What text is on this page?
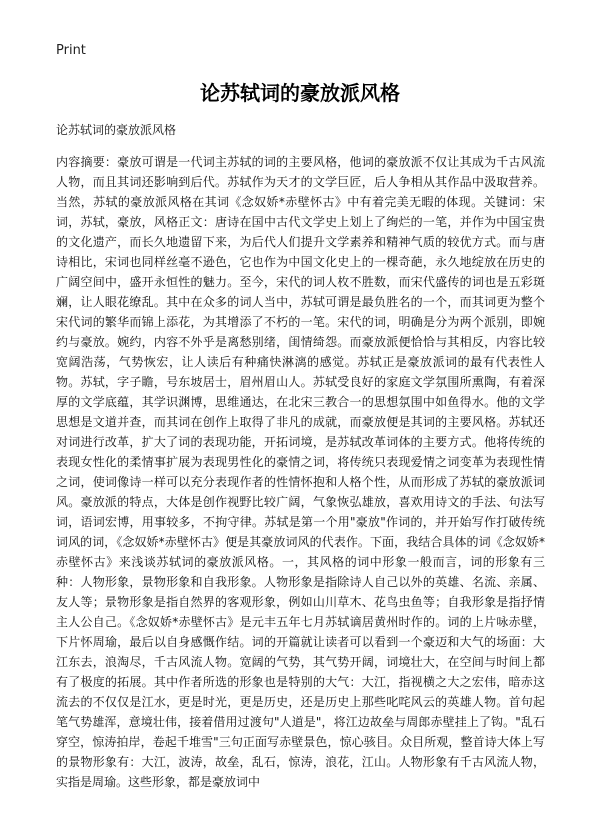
Print
论苏轼词的豪放派风格
论苏轼词的豪放派风格
内容摘要：豪放可谓是一代词主苏轼的词的主要风格，他词的豪放派不仅让其成为千古风流人物，而且其词还影响到后代。苏轼作为天才的文学巨匠，后人争相从其作品中汲取营养。当然，苏轼的豪放派风格在其词《念奴娇*赤壁怀古》中有着完美无暇的体现。关键词：宋词，苏轼，豪放，风格正文：唐诗在国中古代文学史上划上了绚烂的一笔，并作为中国宝贵的文化遗产，而长久地遗留下来，为后代人们提升文学素养和精神气质的较优方式。而与唐诗相比，宋词也同样丝毫不逊色，它也作为中国文化史上的一棵奇葩，永久地绽放在历史的广阔空间中，盛开永恒性的魅力。至今，宋代的词人枚不胜数，而宋代盛传的词也是五彩斑斓，让人眼花缭乱。其中在众多的词人当中，苏轼可谓是最负胜名的一个，而其词更为整个宋代词的繁华而锦上添花，为其增添了不朽的一笔。宋代的词，明确是分为两个派别，即婉约与豪放。婉约，内容不外乎是离愁别绪，闺情绮怨。而豪放派便恰恰与其相反，内容比较宽阔浩荡，气势恢宏，让人读后有种痛快淋漓的感觉。苏轼正是豪放派词的最有代表性人物。苏轼，字子瞻，号东坡居士，眉州眉山人。苏轼受良好的家庭文学氛围所熏陶，有着深厚的文学底蕴，其学识渊博，思维通达，在北宋三教合一的思想氛围中如鱼得水。他的文学思想是文道并查，而其词在创作上取得了非凡的成就，而豪放便是其词的主要风格。苏轼还对词进行改革，扩大了词的表现功能，开拓词境，是苏轼改革词体的主要方式。他将传统的表现女性化的柔情事扩展为表现男性化的豪情之词，将传统只表现爱情之词变革为表现性情之词，使词像诗一样可以充分表现作者的性情怀抱和人格个性，从而形成了苏轼的豪放派词风。豪放派的特点，大体是创作视野比较广阔，气象恢弘雄放，喜欢用诗文的手法、句法写词，语词宏博，用事较多，不拘守律。苏轼是第一个用"豪放"作词的，并开始写作打破传统词风的词，《念奴娇*赤壁怀古》便是其豪放词风的代表作。下面，我结合具体的词《念奴娇*赤壁怀古》来浅谈苏轼词的豪放派风格。一，其风格的词中形象一般而言，词的形象有三种：人物形象，景物形象和自我形象。人物形象是指除诗人自己以外的英雄、名流、亲属、友人等；景物形象是指自然界的客观形象，例如山川草木、花鸟虫鱼等；自我形象是指抒情主人公自己。《念奴娇*赤壁怀古》是元丰五年七月苏轼谪居黄州时作的。词的上片咏赤壁，下片怀周瑜，最后以自身感慨作结。词的开篇就让读者可以看到一个豪迈和大气的场面：大江东去，浪淘尽，千古风流人物。宽阔的气势，其气势开阔，词境壮大，在空间与时间上都有了极度的拓展。其中作者所选的形象也是特别的大气：大江，指视横之大之宏伟，暗赤这流去的不仅仅是江水，更是时光，更是历史，还是历史上那些叱咤风云的英雄人物。首句起笔气势雄浑，意境壮伟，接着借用过渡句"人道是"，将江边故垒与周郎赤壁挂上了钩。"乱石穿空，惊涛拍岸，卷起千堆雪"三句正面写赤壁景色，惊心骇目。众目所观，整首诗大体上写的景物形象有：大江，波涛，故垒，乱石，惊涛，浪花，江山。人物形象有千古风流人物，实指是周瑜。这些形象，都是豪放词中
